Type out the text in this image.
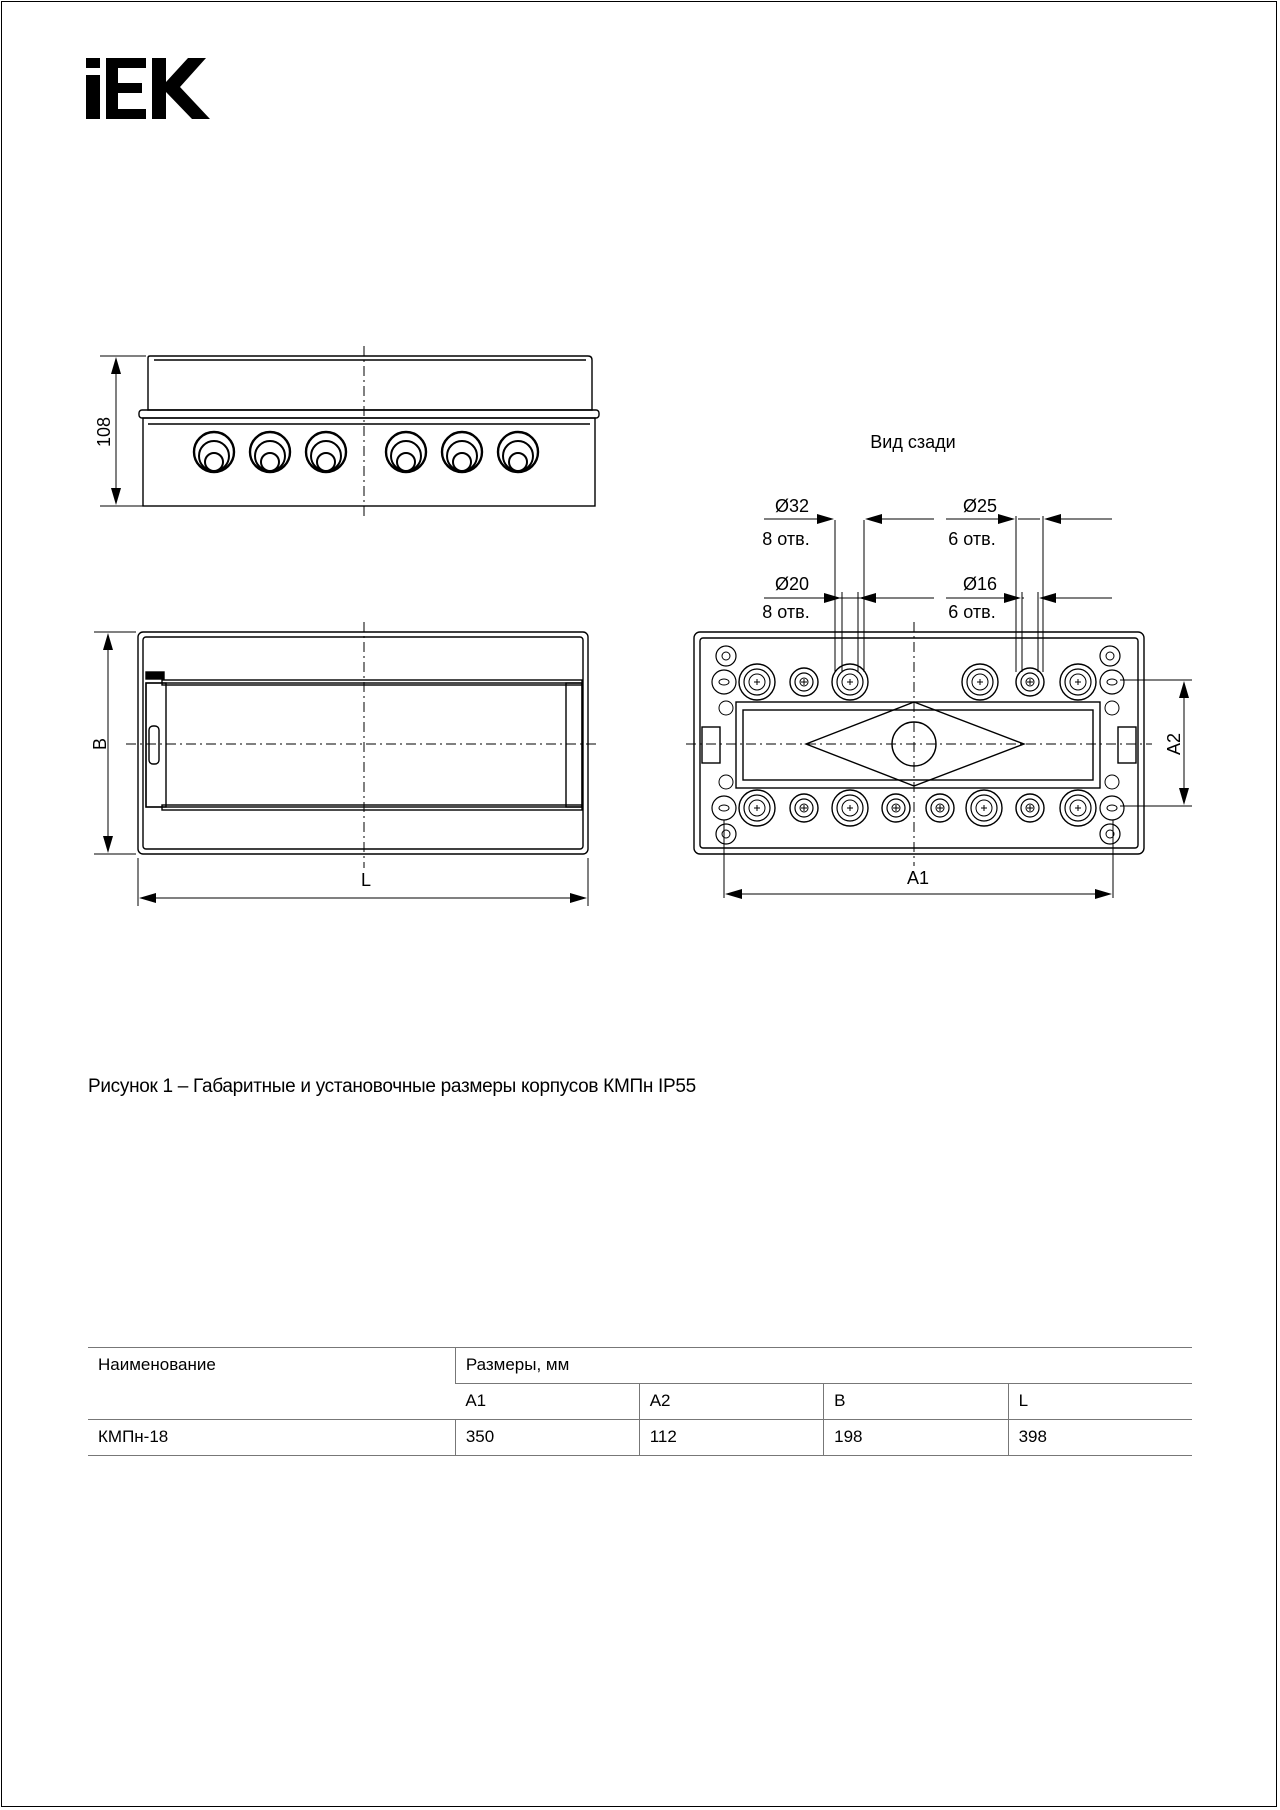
108
B
L
Вид сзади
Ø32
8 отв.
Ø25
6 отв.
Ø20
8 отв.
Ø16
6 отв.
A1
A2
Рисунок 1 – Габаритные и установочные размеры корпусов КМПн IP55
Наименование	Размеры, мм			
	A1	A2	B	L
КМПн-18	350	112	198	398
